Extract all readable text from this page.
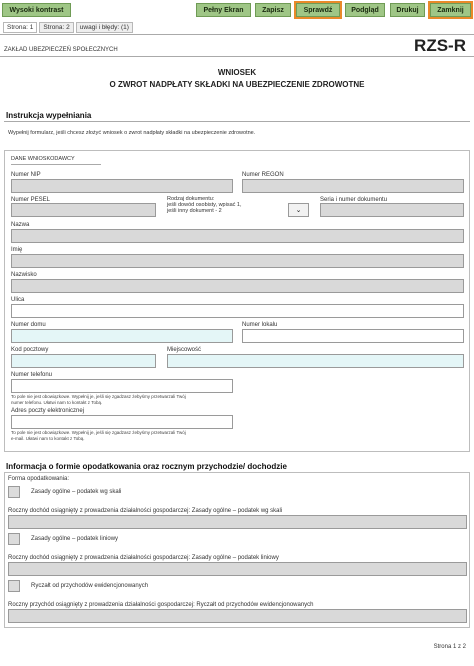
Wysoki kontrast	Pełny Ekran	Zapisz	Sprawdź	Podgląd	Drukuj	Zamknij
Strona: 1	Strona: 2	uwagi i błędy: (1)
ZAKŁAD UBEZPIECZEŃ SPOŁECZNYCH	RZS-R
WNIOSEK
O ZWROT NADPŁATY SKŁADKI NA UBEZPIECZENIE ZDROWOTNE
Instrukcja wypełniania
Wypełnij formularz, jeśli chcesz złożyć wniosek o zwrot nadpłaty składki na ubezpieczenie zdrowotne.
DANE WNIOSKODAWCY
Numer NIP	Numer REGON
Numer PESEL	Rodzaj dokumentu:
jeśli dowód osobisty, wpisać 1,
jeśli inny dokument - 2	⌄
Seria i numer dokumentu
Nazwa
Imię
Nazwisko
Ulica
Numer domu	Numer lokalu
Kod pocztowy	Miejscowość
Numer telefonu
To pole nie jest obowiązkowe. Wypełnij je, jeśli się zgadzasz żebyśmy przetwarzali Twój
numer telefonu. Ułatwi nam to kontakt z Tobą.
Adres poczty elektronicznej
To pole nie jest obowiązkowe. Wypełnij je, jeśli się zgadzasz żebyśmy przetwarzali Twój
e-mail. Ułatwi nam to kontakt z Tobą.
Informacja o formie opodatkowania oraz rocznym przychodzie/ dochodzie
Forma opodatkowania:
Zasady ogólne – podatek wg skali
Roczny dochód osiągnięty z prowadzenia działalności gospodarczej: Zasady ogólne – podatek wg skali
Zasady ogólne – podatek liniowy
Roczny dochód osiągnięty z prowadzenia działalności gospodarczej: Zasady ogólne – podatek liniowy
Ryczałt od przychodów ewidencjonowanych
Roczny przychód osiągnięty z prowadzenia działalności gospodarczej: Ryczałt od przychodów ewidencjonowanych
Strona 1 z 2
